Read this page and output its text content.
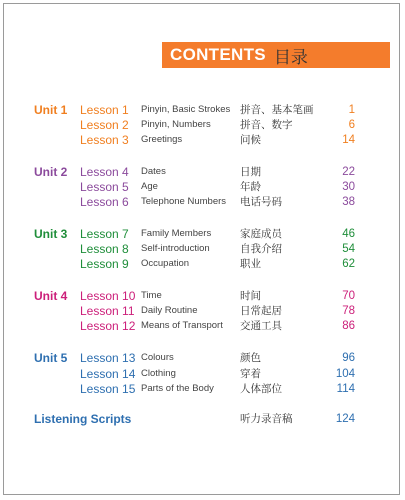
CONTENTS 目录
Unit 1 Lesson 1 Pinyin, Basic Strokes 拼音、基本笔画	1
Lesson 2 Pinyin, Numbers	拼音、数字	6
Lesson 3 Greetings	问候	14
Unit 2 Lesson 4 Dates	日期	22
Lesson 5 Age	年龄	30
Lesson 6 Telephone Numbers 电话号码	38
Unit 3 Lesson 7 Family Members	家庭成员	46
Lesson 8 Self-introduction	自我介绍	54
Lesson 9 Occupation	职业	62
Unit 4 Lesson 10 Time	时间	70
Lesson 11 Daily Routine	日常起居	78
Lesson 12 Means of Transport 交通工具	86
Unit 5 Lesson 13 Colours	颜色	96
Lesson 14 Clothing	穿着	104
Lesson 15 Parts of the Body 人体部位	114
Listening Scripts	听力录音稿	124
